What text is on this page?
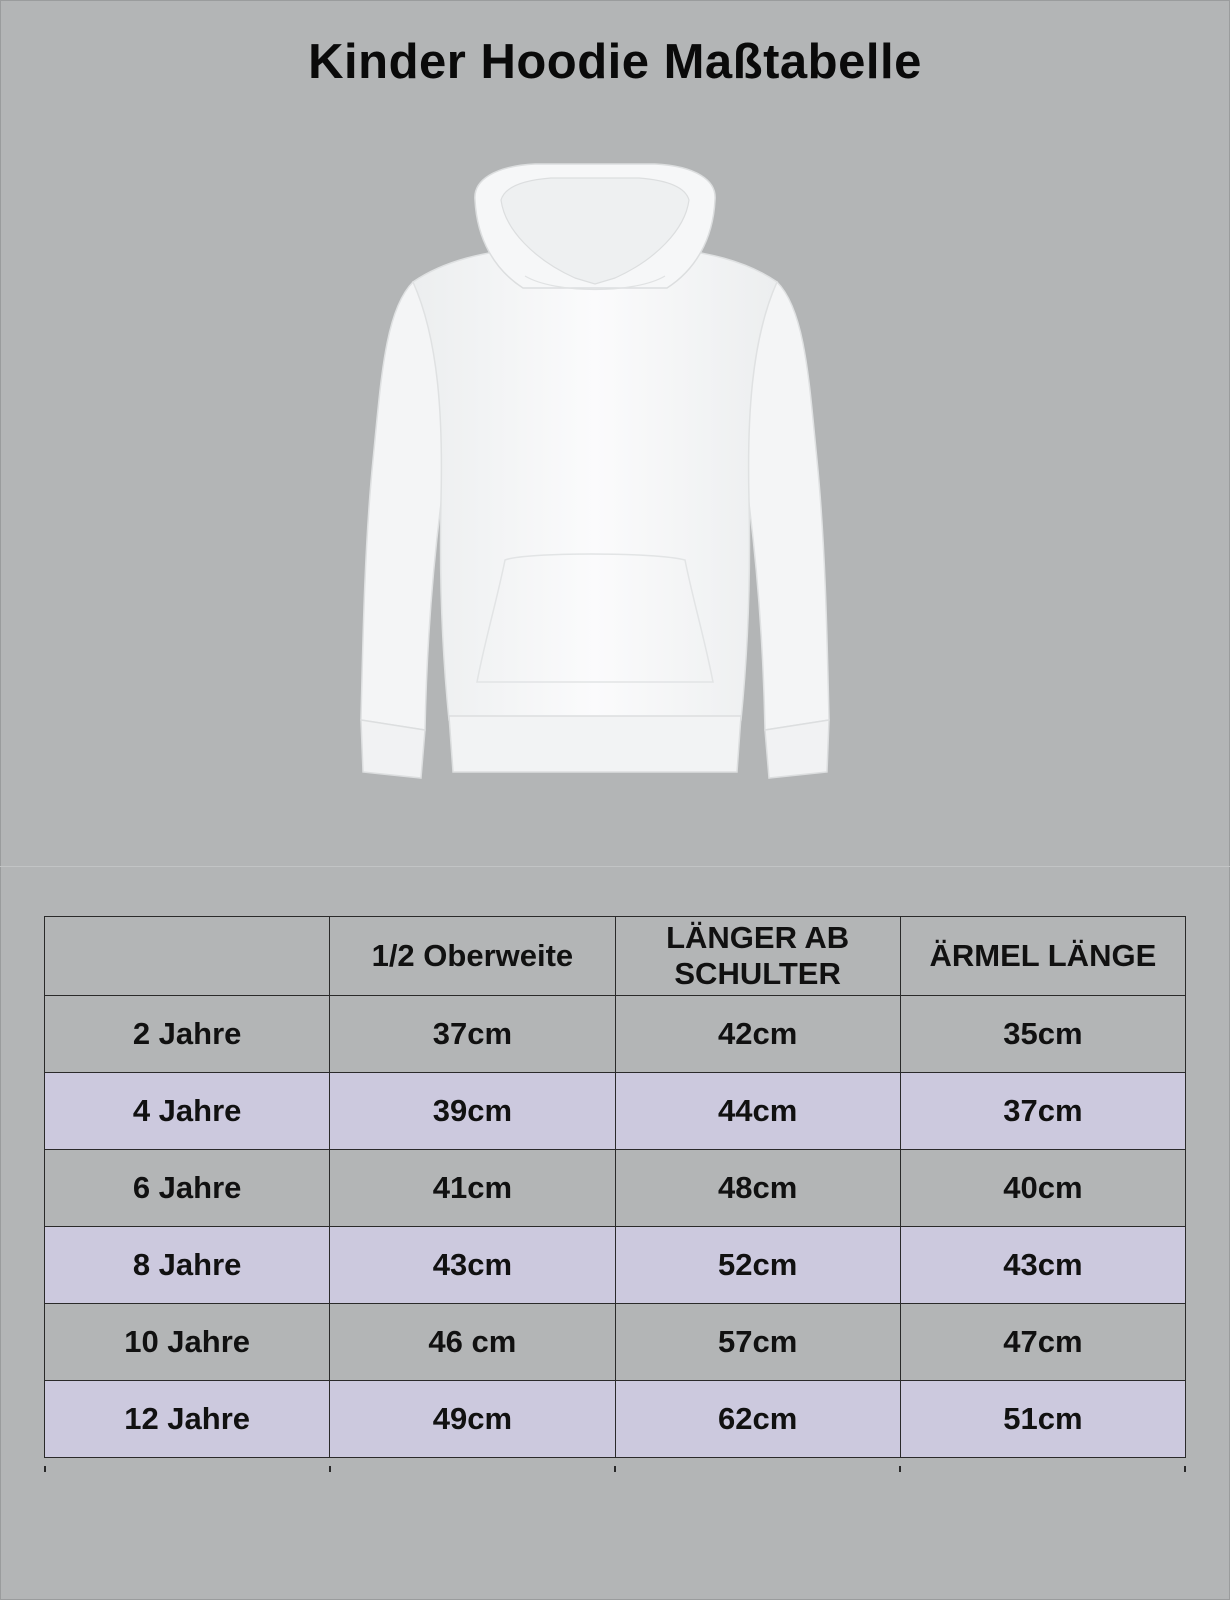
Kinder Hoodie Maßtabelle
	1/2 Oberweite	LÄNGER AB SCHULTER	ÄRMEL LÄNGE
2 Jahre	37cm	42cm	35cm
4 Jahre	39cm	44cm	37cm
6 Jahre	41cm	48cm	40cm
8 Jahre	43cm	52cm	43cm
10 Jahre	46 cm	57cm	47cm
12 Jahre	49cm	62cm	51cm
